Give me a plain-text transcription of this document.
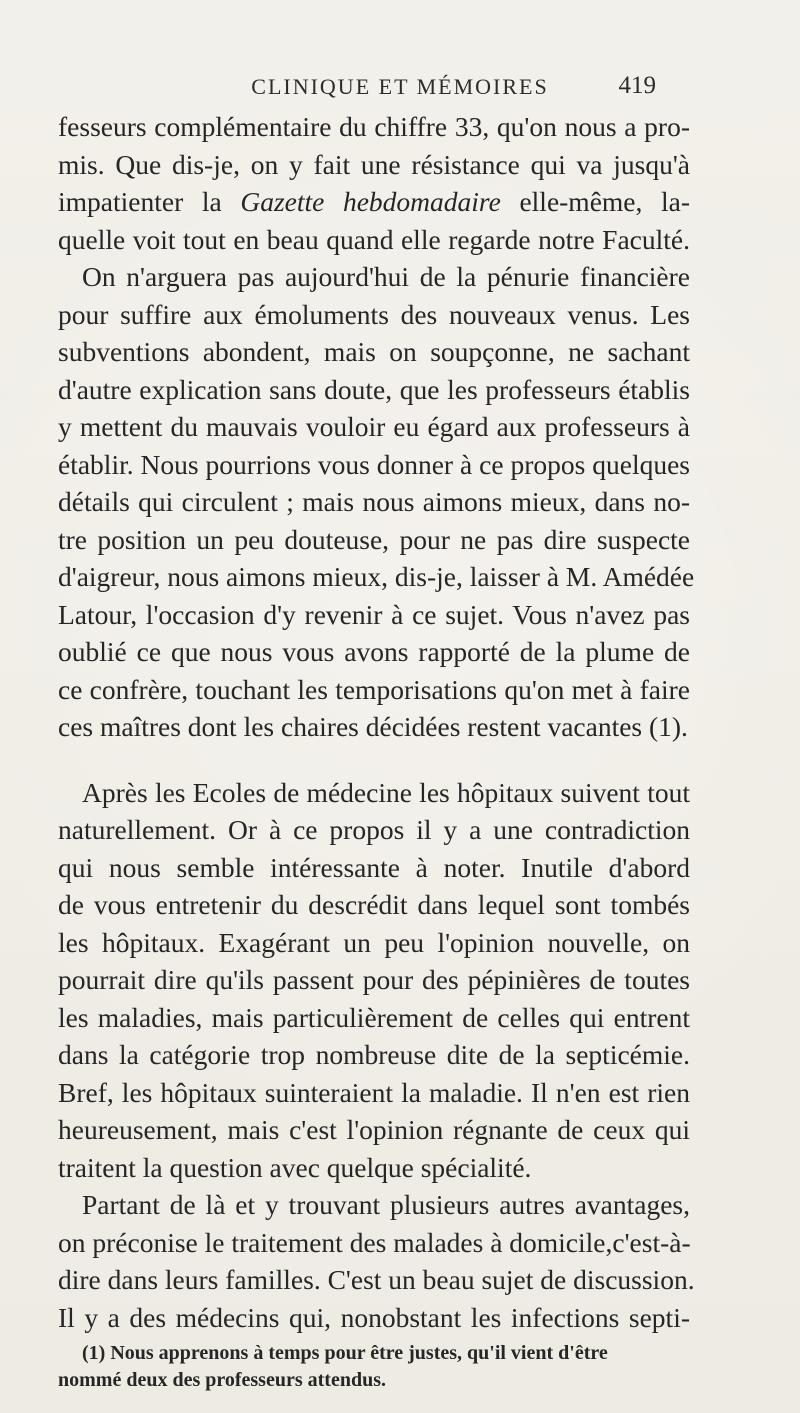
CLINIQUE ET MÉMOIRES	419
fesseurs complémentaire du chiffre 33, qu'on nous a pro-
mis. Que dis-je, on y fait une résistance qui va jusqu'à
impatienter la Gazette hebdomadaire elle-même, la-
quelle voit tout en beau quand elle regarde notre Faculté.
On n'arguera pas aujourd'hui de la pénurie financière
pour suffire aux émoluments des nouveaux venus. Les
subventions abondent, mais on soupçonne, ne sachant
d'autre explication sans doute, que les professeurs établis
y mettent du mauvais vouloir eu égard aux professeurs à
établir. Nous pourrions vous donner à ce propos quelques
détails qui circulent ; mais nous aimons mieux, dans no-
tre position un peu douteuse, pour ne pas dire suspecte
d'aigreur, nous aimons mieux, dis-je, laisser à M. Amédée
Latour, l'occasion d'y revenir à ce sujet. Vous n'avez pas
oublié ce que nous vous avons rapporté de la plume de
ce confrère, touchant les temporisations qu'on met à faire
ces maîtres dont les chaires décidées restent vacantes (1).
Après les Ecoles de médecine les hôpitaux suivent tout
naturellement. Or à ce propos il y a une contradiction
qui nous semble intéressante à noter. Inutile d'abord
de vous entretenir du descrédit dans lequel sont tombés
les hôpitaux. Exagérant un peu l'opinion nouvelle, on
pourrait dire qu'ils passent pour des pépinières de toutes
les maladies, mais particulièrement de celles qui entrent
dans la catégorie trop nombreuse dite de la septicémie.
Bref, les hôpitaux suinteraient la maladie. Il n'en est rien
heureusement, mais c'est l'opinion régnante de ceux qui
traitent la question avec quelque spécialité.
Partant de là et y trouvant plusieurs autres avantages,
on préconise le traitement des malades à domicile,c'est-à-
dire dans leurs familles. C'est un beau sujet de discussion.
Il y a des médecins qui, nonobstant les infections septi-
(1) Nous apprenons à temps pour être justes, qu'il vient d'être
nommé deux des professeurs attendus.
